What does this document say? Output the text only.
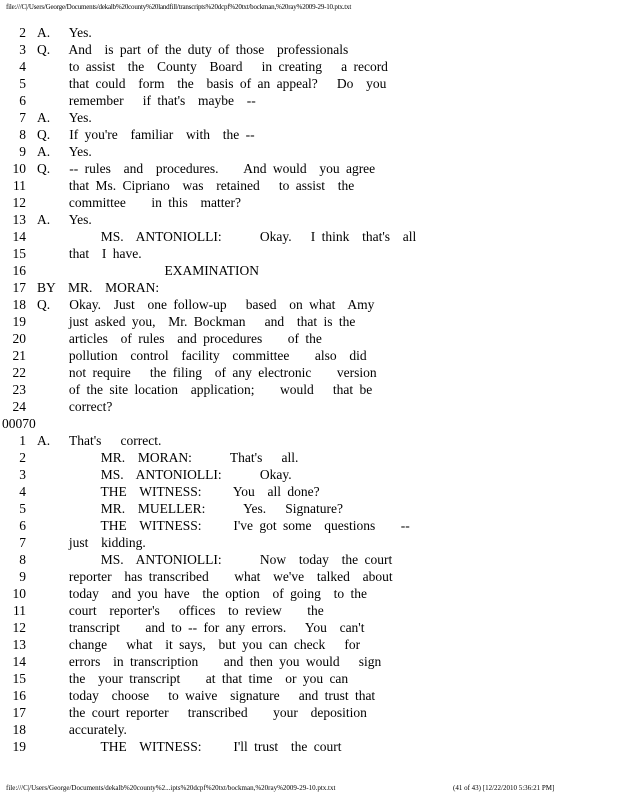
file:///C|/Users/George/Documents/dekalb%20county%20landfill/transcripts%20dcpf%20txt/bockman,%20ray%2009-29-10.ptx.txt
2 A.   Yes.
3 Q.   And  is part of the duty of those  professionals
4 to assist  the  County  Board   in creating   a record
5 that could  form  the  basis of an appeal?   Do  you
6 remember   if that's  maybe  --
7 A.   Yes.
8 Q.   If you're  familiar  with  the --
9 A.   Yes.
10 Q.   -- rules  and  procedures.    And would  you agree
11 that Ms. Cipriano  was  retained   to assist  the
12 committee    in this  matter?
13 A.   Yes.
14 MS.  ANTONIOLLI:      Okay.   I think  that's  all
15 that  I have.
16 EXAMINATION
17 BY  MR.  MORAN:
18 Q.   Okay.  Just  one follow-up   based  on what  Amy
19 just asked you,  Mr. Bockman   and  that is the
20 articles  of rules  and procedures    of the
21 pollution  control  facility  committee    also  did
22 not require   the filing  of any electronic    version
23 of the site location  application;    would   that be
24 correct?
00070
1 A.   That's   correct.
2 MR.  MORAN:      That's   all.
3 MS.  ANTONIOLLI:      Okay.
4 THE  WITNESS:     You  all done?
5 MR.  MUELLER:      Yes.   Signature?
6 THE  WITNESS:     I've got some  questions    --
7 just  kidding.
8 MS.  ANTONIOLLI:      Now  today  the court
9 reporter  has transcribed    what  we've  talked  about
10 today  and you have  the option  of going  to the
11 court  reporter's   offices  to review    the
12 transcript    and to -- for any errors.   You  can't
13 change   what  it says,  but you can check   for
14 errors  in transcription    and then you would   sign
15 the  your transcript    at that time  or you can
16 today  choose   to waive  signature   and trust that
17 the court reporter   transcribed    your  deposition
18 accurately.
19 THE  WITNESS:     I'll trust  the court
file:///C|/Users/George/Documents/dekalb%20county%2...ipts%20dcpf%20txt/bockman,%20ray%2009-29-10.ptx.txt	(41 of 43) [12/22/2010 5:36:21 PM]
